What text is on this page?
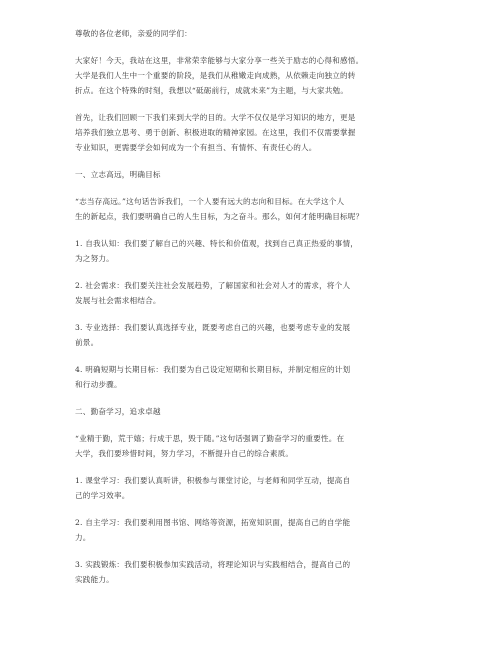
尊敬的各位老师，亲爱的同学们：

大家好！今天，我站在这里，非常荣幸能够与大家分享一些关于励志的心得和感悟。
大学是我们人生中一个重要的阶段，是我们从稚嫩走向成熟，从依赖走向独立的转
折点。在这个特殊的时刻，我想以“砥砺前行，成就未来”为主题，与大家共勉。

首先，让我们回顾一下我们来到大学的目的。大学不仅仅是学习知识的地方，更是
培养我们独立思考、勇于创新、积极进取的精神家园。在这里，我们不仅需要掌握
专业知识，更需要学会如何成为一个有担当、有情怀、有责任心的人。

一、立志高远，明确目标

“志当存高远。”这句话告诉我们，一个人要有远大的志向和目标。在大学这个人
生的新起点，我们要明确自己的人生目标，为之奋斗。那么，如何才能明确目标呢？

1. 自我认知：我们要了解自己的兴趣、特长和价值观，找到自己真正热爱的事情，
为之努力。

2. 社会需求：我们要关注社会发展趋势，了解国家和社会对人才的需求，将个人
发展与社会需求相结合。

3. 专业选择：我们要认真选择专业，既要考虑自己的兴趣，也要考虑专业的发展
前景。

4. 明确短期与长期目标：我们要为自己设定短期和长期目标，并制定相应的计划
和行动步骤。

二、勤奋学习，追求卓越

“业精于勤，荒于嬉；行成于思，毁于随。”这句话强调了勤奋学习的重要性。在
大学，我们要珍惜时间，努力学习，不断提升自己的综合素质。

1. 课堂学习：我们要认真听讲，积极参与课堂讨论，与老师和同学互动，提高自
己的学习效率。

2. 自主学习：我们要利用图书馆、网络等资源，拓宽知识面，提高自己的自学能
力。

3. 实践锻炼：我们要积极参加实践活动，将理论知识与实践相结合，提高自己的
实践能力。
